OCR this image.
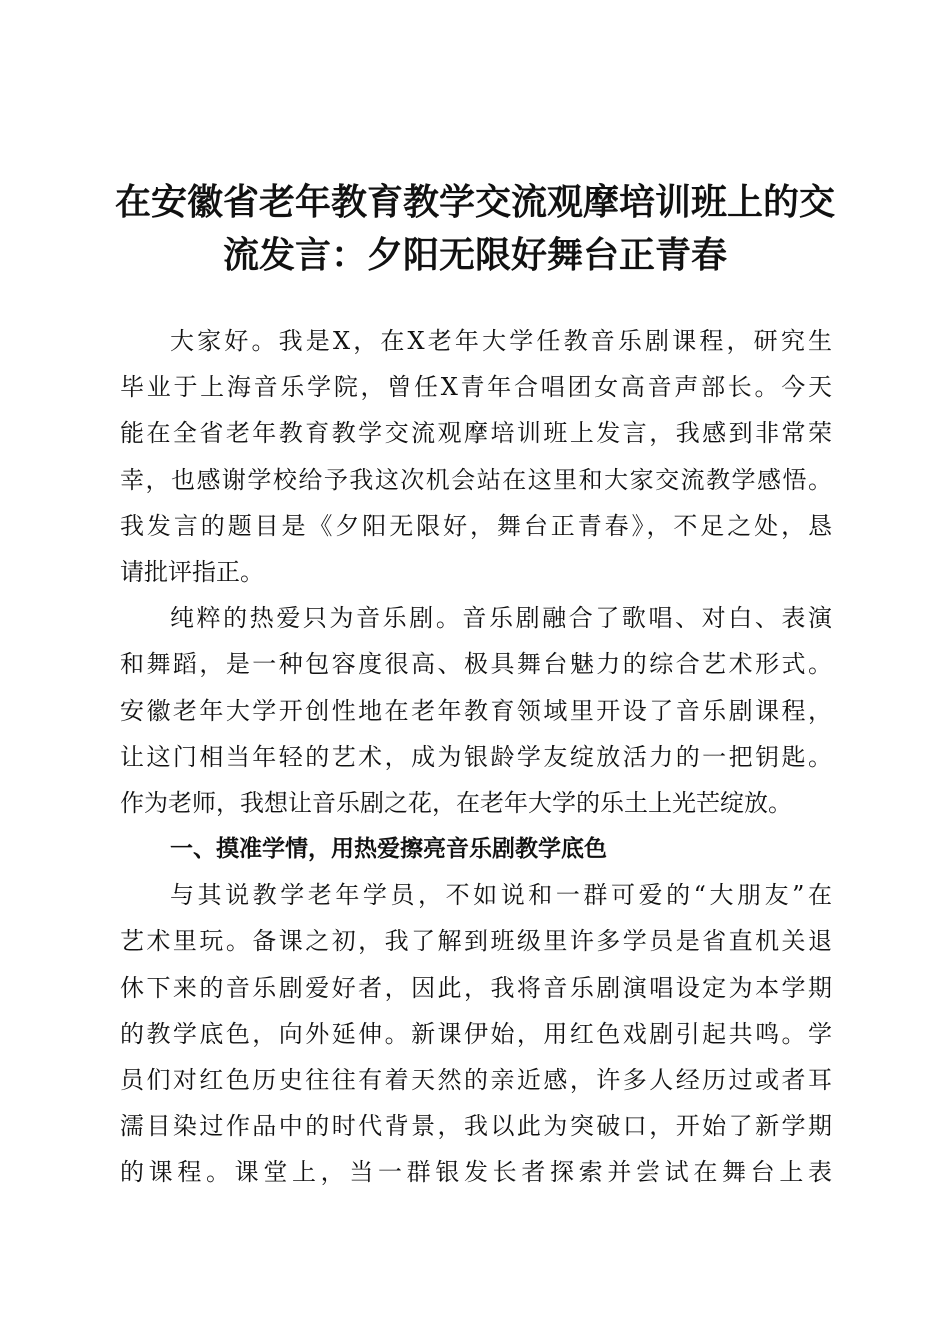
在安徽省老年教育教学交流观摩培训班上的交
流发言：夕阳无限好舞台正青春
大家好。我是X，在X老年大学任教音乐剧课程，研究生
毕业于上海音乐学院，曾任X青年合唱团女高音声部长。今天
能在全省老年教育教学交流观摩培训班上发言，我感到非常荣
幸，也感谢学校给予我这次机会站在这里和大家交流教学感悟。
我发言的题目是《夕阳无限好，舞台正青春》，不足之处，恳
请批评指正。
纯粹的热爱只为音乐剧。音乐剧融合了歌唱、对白、表演
和舞蹈，是一种包容度很高、极具舞台魅力的综合艺术形式。
安徽老年大学开创性地在老年教育领域里开设了音乐剧课程，
让这门相当年轻的艺术，成为银龄学友绽放活力的一把钥匙。
作为老师，我想让音乐剧之花，在老年大学的乐土上光芒绽放。
一、摸准学情，用热爱擦亮音乐剧教学底色
与其说教学老年学员，不如说和一群可爱的“大朋友”在
艺术里玩。备课之初，我了解到班级里许多学员是省直机关退
休下来的音乐剧爱好者，因此，我将音乐剧演唱设定为本学期
的教学底色，向外延伸。新课伊始，用红色戏剧引起共鸣。学
员们对红色历史往往有着天然的亲近感，许多人经历过或者耳
濡目染过作品中的时代背景，我以此为突破口，开始了新学期
的课程。课堂上，当一群银发长者探索并尝试在舞台上表
